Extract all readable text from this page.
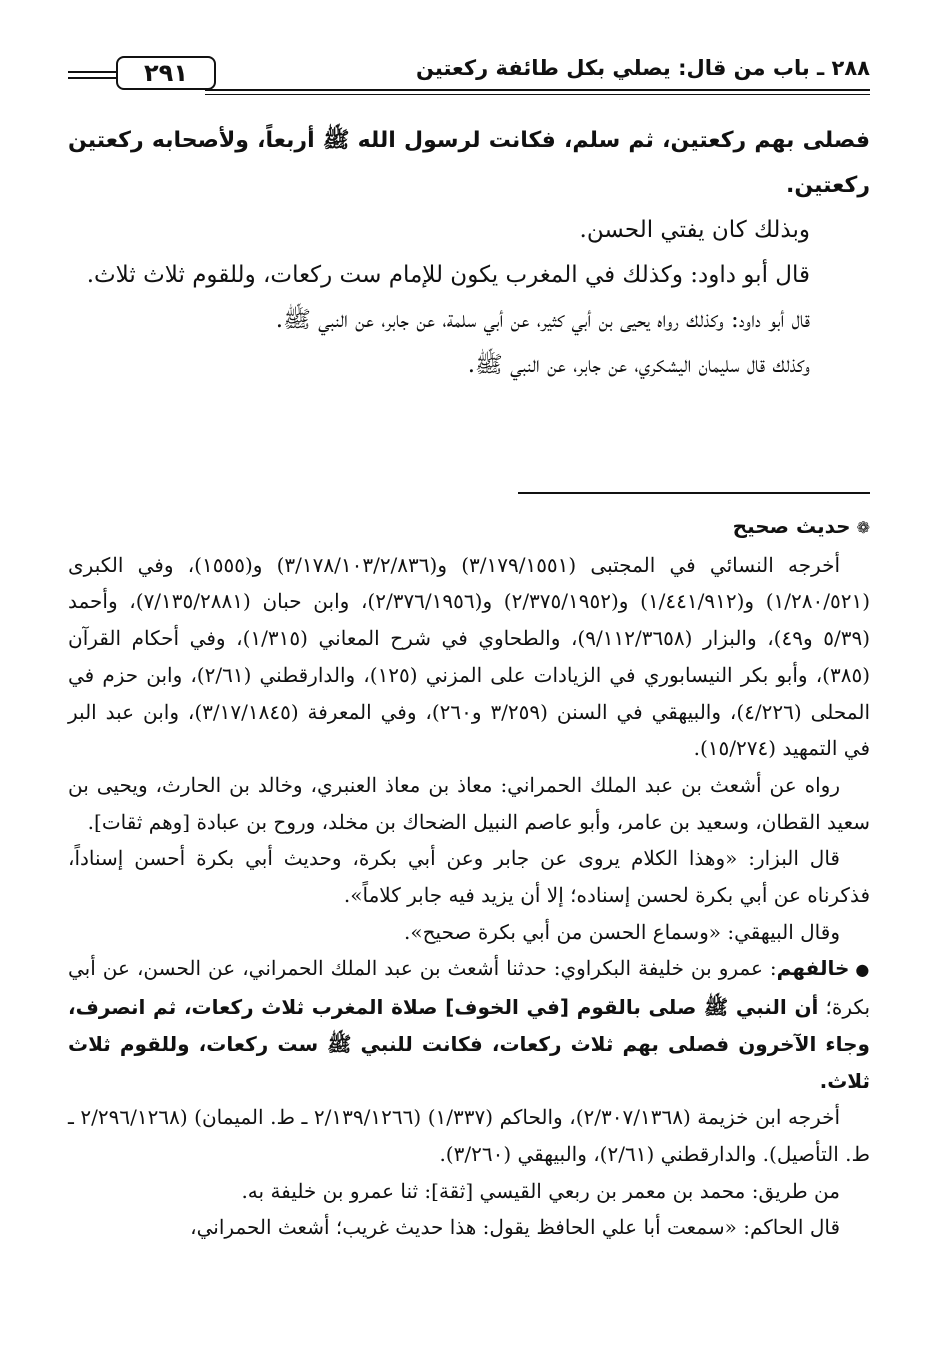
٢٨٨ ـ باب من قال: يصلي بكل طائفة ركعتين
٢٩١

فصلى بهم ركعتين، ثم سلم، فكانت لرسول الله ﷺ أربعاً، ولأصحابه ركعتين ركعتين.

وبذلك كان يفتي الحسن.

قال أبو داود: وكذلك في المغرب يكون للإمام ست ركعات، وللقوم ثلاث ثلاث.

قال أبو داود: وكذلك رواه يحيى بن أبي كثير، عن أبي سلمة، عن جابر، عن النبي ﷺ.

وكذلك قال سليمان اليشكري، عن جابر، عن النبي ﷺ.

❁حديث صحيح

أخرجه النسائي في المجتبى (٣/١٧٩/١٥٥١) و(٣/١٧٨/١٠٣/٢/٨٣٦) و(١٥٥٥)، وفي الكبرى (١/٢٨٠/٥٢١) و(١/٤٤١/٩١٢) و(٢/٣٧٥/١٩٥٢) و(٢/٣٧٦/١٩٥٦)، وابن حبان (٧/١٣٥/٢٨٨١)، وأحمد (٥/٣٩ و٤٩)، والبزار (٩/١١٢/٣٦٥٨)، والطحاوي في شرح المعاني (١/٣١٥)، وفي أحكام القرآن (٣٨٥)، وأبو بكر النيسابوري في الزيادات على المزني (١٢٥)، والدارقطني (٢/٦١)، وابن حزم في المحلى (٤/٢٢٦)، والبيهقي في السنن (٣/٢٥٩ و٢٦٠)، وفي المعرفة (٣/١٧/١٨٤٥)، وابن عبد البر في التمهيد (١٥/٢٧٤).

رواه عن أشعث بن عبد الملك الحمراني: معاذ بن معاذ العنبري، وخالد بن الحارث، ويحيى بن سعيد القطان، وسعيد بن عامر، وأبو عاصم النبيل الضحاك بن مخلد، وروح بن عبادة [وهم ثقات].

قال البزار: «وهذا الكلام يروى عن جابر وعن أبي بكرة، وحديث أبي بكرة أحسن إسناداً، فذكرناه عن أبي بكرة لحسن إسناده؛ إلا أن يزيد فيه جابر كلاماً».

وقال البيهقي: «وسماع الحسن من أبي بكرة صحيح».

●خالفهم: عمرو بن خليفة البكراوي: حدثنا أشعث بن عبد الملك الحمراني، عن الحسن، عن أبي بكرة؛ أن النبي ﷺ صلى بالقوم [في الخوف] صلاة المغرب ثلاث ركعات، ثم انصرف، وجاء الآخرون فصلى بهم ثلاث ركعات، فكانت للنبي ﷺ ست ركعات، وللقوم ثلاث ثلاث.

أخرجه ابن خزيمة (٢/٣٠٧/١٣٦٨)، والحاكم (١/٣٣٧) (٢/١٣٩/١٢٦٦ ـ ط. الميمان) (٢/٢٩٦/١٢٦٨ ـ ط. التأصيل). والدارقطني (٢/٦١)، والبيهقي (٣/٢٦٠).

من طريق: محمد بن معمر بن ربعي القيسي [ثقة]: ثنا عمرو بن خليفة به.

قال الحاكم: «سمعت أبا علي الحافظ يقول: هذا حديث غريب؛ أشعث الحمراني،
